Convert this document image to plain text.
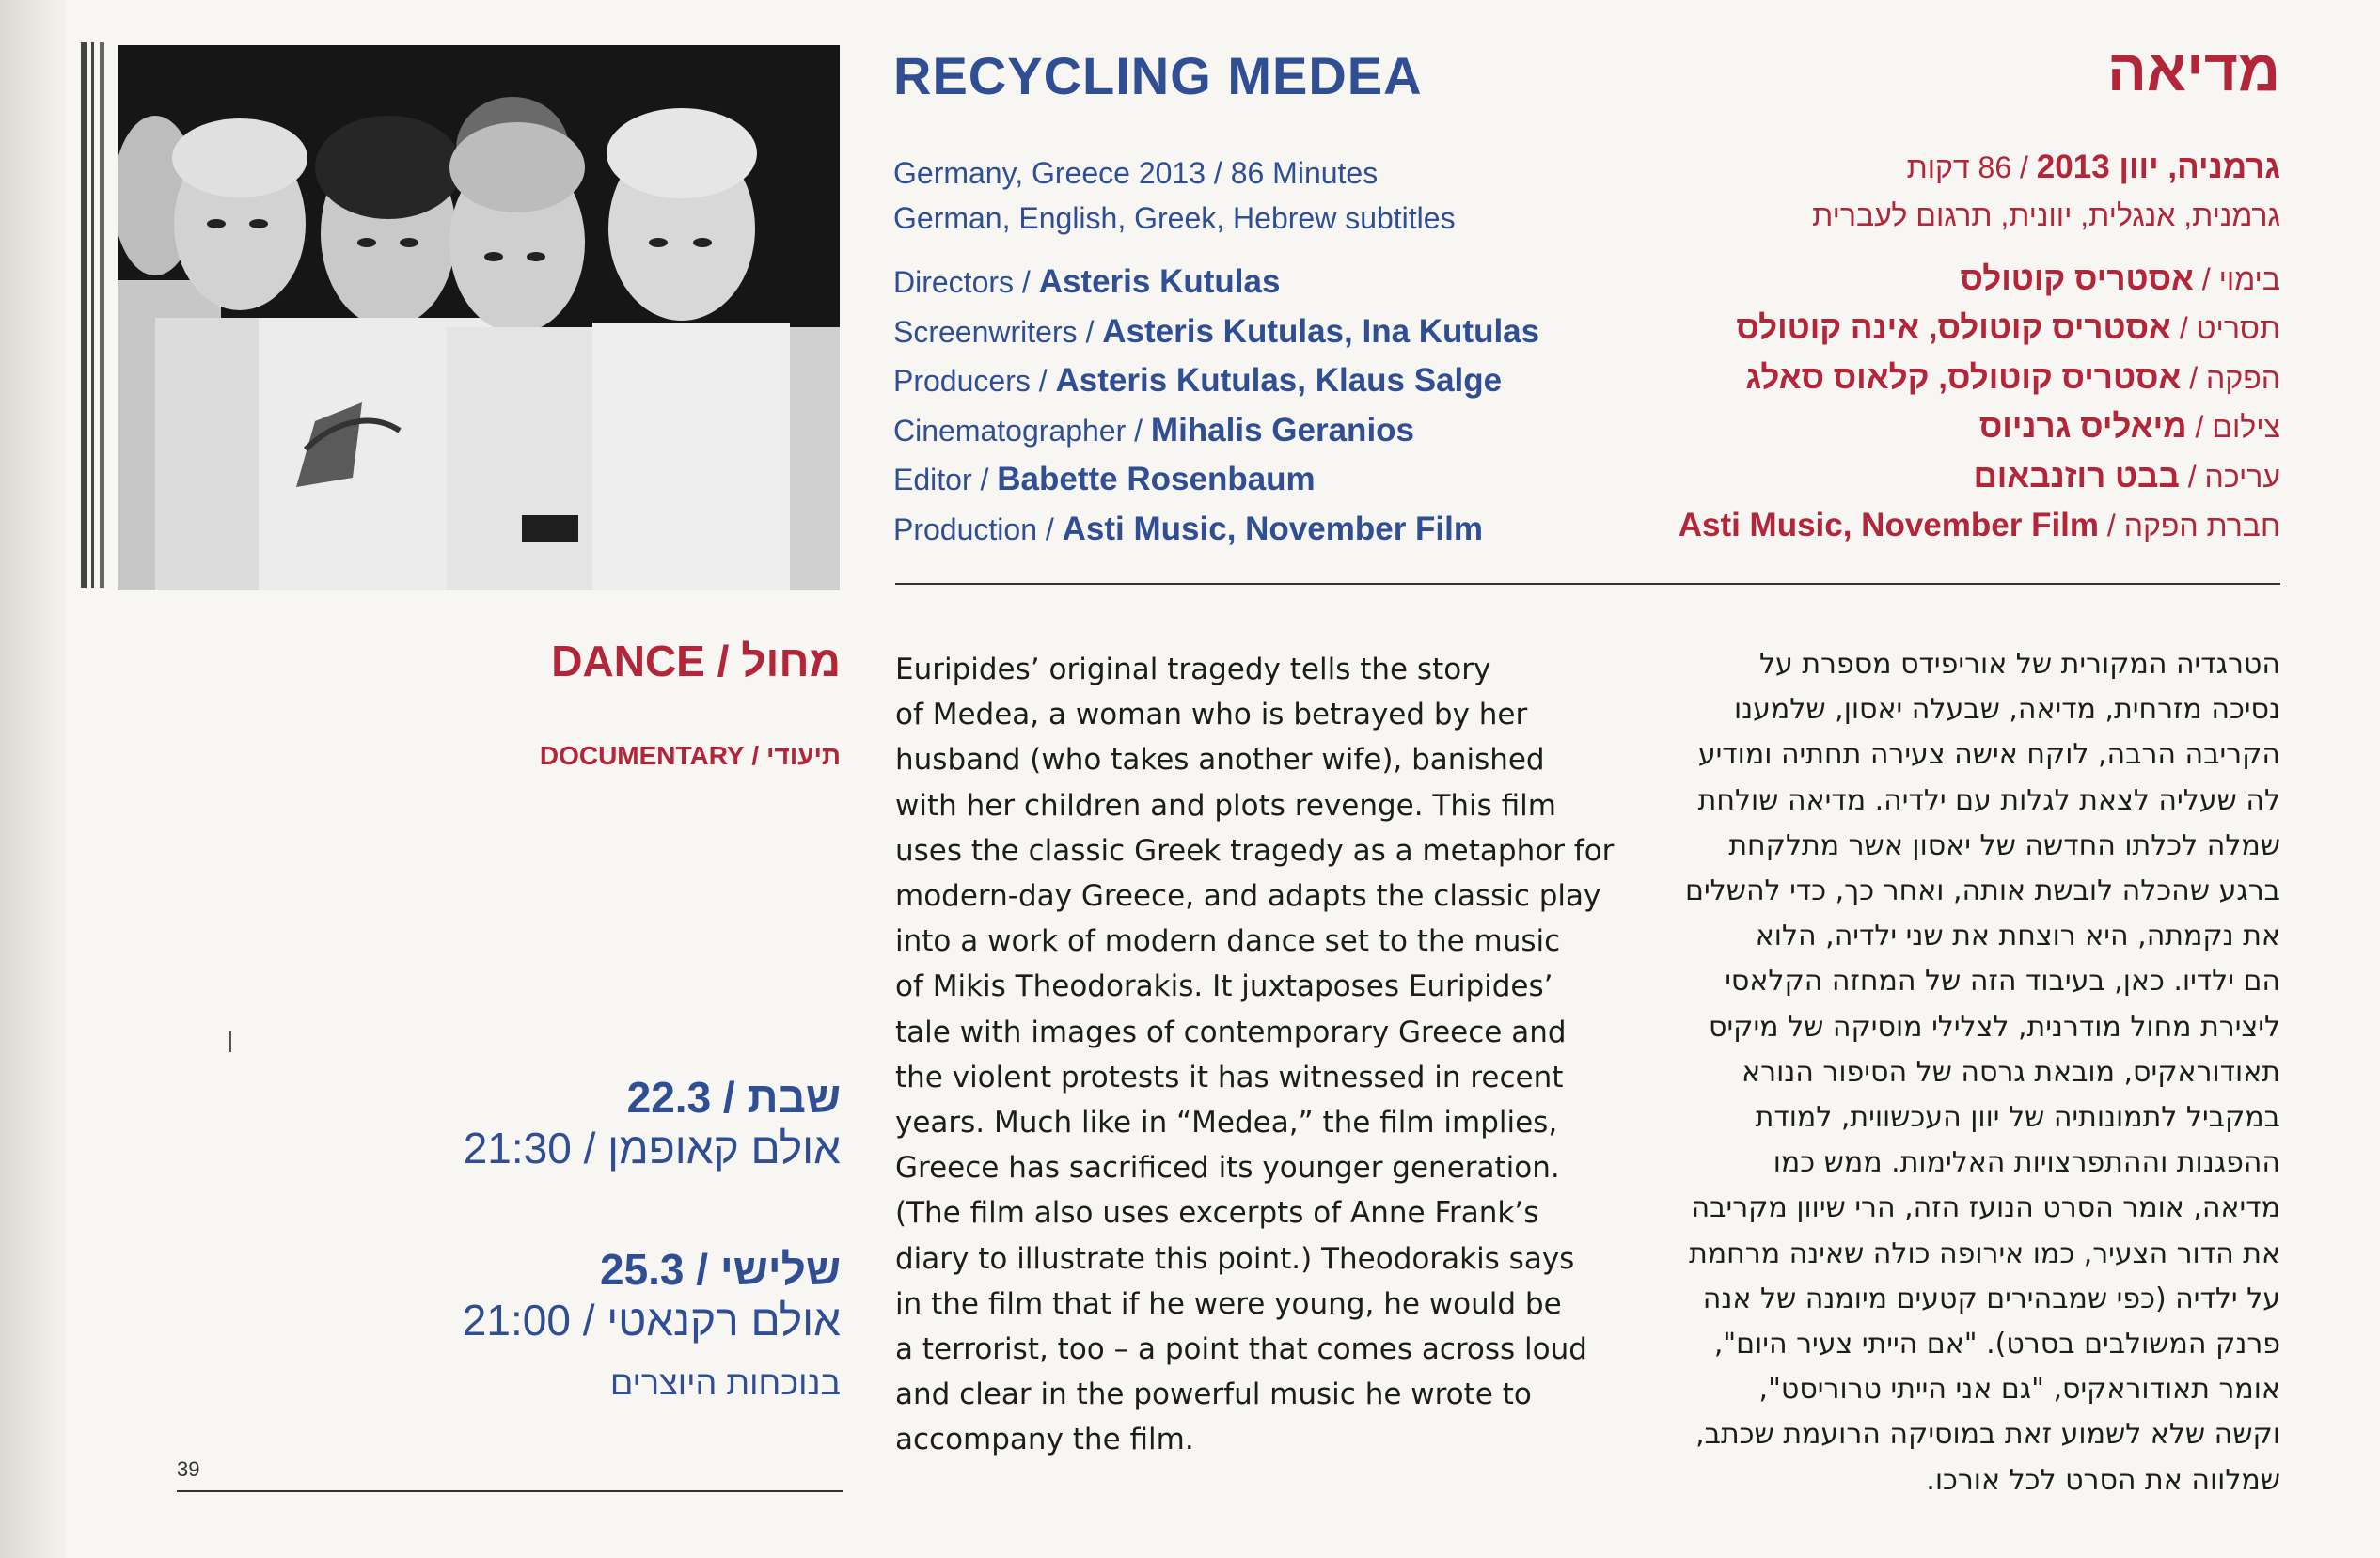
RECYCLING MEDEA	מדיאה
Germany, Greece 2013 / 86 Minutes
German, English, Greek, Hebrew subtitles
Directors / Asteris Kutulas
Screenwriters / Asteris Kutulas, Ina Kutulas
Producers / Asteris Kutulas, Klaus Salge
Cinematographer / Mihalis Geranios
Editor / Babette Rosenbaum
Production / Asti Music, November Film
גרמניה, יוון 2013 / 86 דקות
גרמנית, אנגלית, יוונית, תרגום לעברית
בימוי / אסטריס קוטולס
תסריט / אסטריס קוטולס, אינה קוטולס
הפקה / אסטריס קוטולס, קלאוס סאלג
צילום / מיאליס גרניוס
עריכה / בבט רוזנבאום
חברת הפקה / Asti Music, November Film
מחול / DANCE
תיעודי / DOCUMENTARY
שבת / 22.3
אולם קאופמן / 21:30
שלישי / 25.3
אולם רקנאטי / 21:00
בנוכחות היוצרים
39
Euripides’ original tragedy tells the story
of Medea, a woman who is betrayed by her
husband (who takes another wife), banished
with her children and plots revenge. This film
uses the classic Greek tragedy as a metaphor for
modern-day Greece, and adapts the classic play
into a work of modern dance set to the music
of Mikis Theodorakis. It juxtaposes Euripides’
tale with images of contemporary Greece and
the violent protests it has witnessed in recent
years. Much like in “Medea,” the film implies,
Greece has sacrificed its younger generation.
(The film also uses excerpts of Anne Frank’s
diary to illustrate this point.) Theodorakis says
in the film that if he were young, he would be
a terrorist, too – a point that comes across loud
and clear in the powerful music he wrote to
accompany the film.
הטרגדיה המקורית של אוריפידס מספרת על
נסיכה מזרחית, מדיאה, שבעלה יאסון, שלמענו
הקריבה הרבה, לוקח אישה צעירה תחתיה ומודיע
לה שעליה לצאת לגלות עם ילדיה. מדיאה שולחת
שמלה לכלתו החדשה של יאסון אשר מתלקחת
ברגע שהכלה לובשת אותה, ואחר כך, כדי להשלים
את נקמתה, היא רוצחת את שני ילדיה, הלוא
הם ילדיו. כאן, בעיבוד הזה של המחזה הקלאסי
ליצירת מחול מודרנית, לצלילי מוסיקה של מיקיס
תאודוראקיס, מובאת גרסה של הסיפור הנורא
במקביל לתמונותיה של יוון העכשווית, למודת
ההפגנות וההתפרצויות האלימות. ממש כמו
מדיאה, אומר הסרט הנועז הזה, הרי שיוון מקריבה
את הדור הצעיר, כמו אירופה כולה שאינה מרחמת
על ילדיה (כפי שמבהירים קטעים מיומנה של אנה
פרנק המשולבים בסרט). "אם הייתי צעיר היום",
אומר תאודוראקיס, "גם אני הייתי טרוריסט",
וקשה שלא לשמוע זאת במוסיקה הרועמת שכתב,
שמלווה את הסרט לכל אורכו.
